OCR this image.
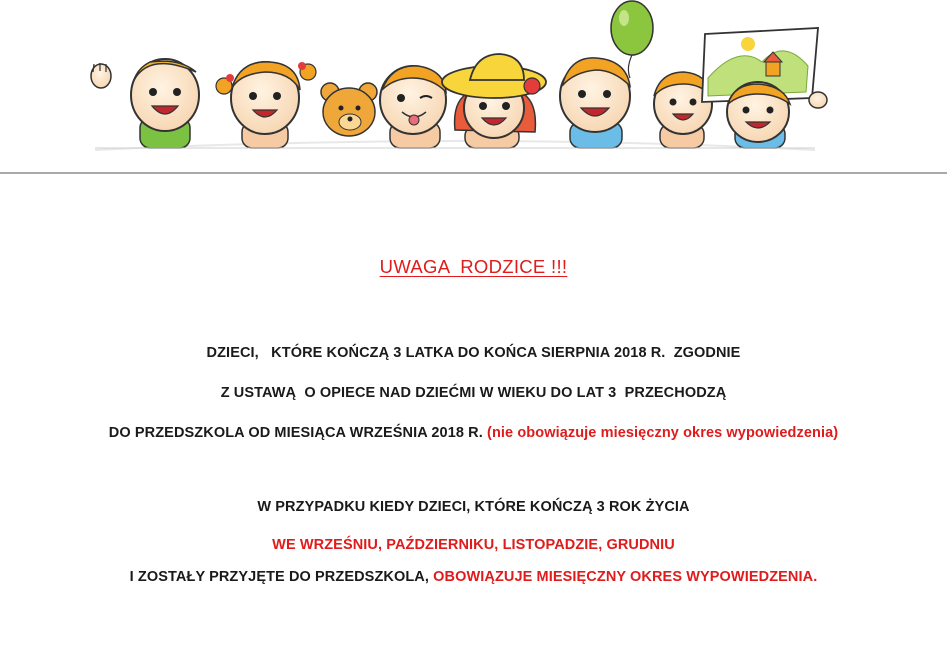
UWAGA  RODZICE !!!
DZIECI,   KTÓRE KOŃCZĄ 3 LATKA DO KOŃCA SIERPNIA 2018 R.  ZGODNIE
Z USTAWĄ  O OPIECE NAD DZIEĆMI W WIEKU DO LAT 3  PRZECHODZĄ
DO PRZEDSZKOLA OD MIESIĄCA WRZEŚNIA 2018 R. (nie obowiązuje miesięczny okres wypowiedzenia)
W PRZYPADKU KIEDY DZIECI, KTÓRE KOŃCZĄ 3 ROK ŻYCIA
WE WRZEŚNIU, PAŹDZIERNIKU, LISTOPADZIE, GRUDNIU
I ZOSTAŁY PRZYJĘTE DO PRZEDSZKOLA, OBOWIĄZUJE MIESIĘCZNY OKRES WYPOWIEDZENIA.
